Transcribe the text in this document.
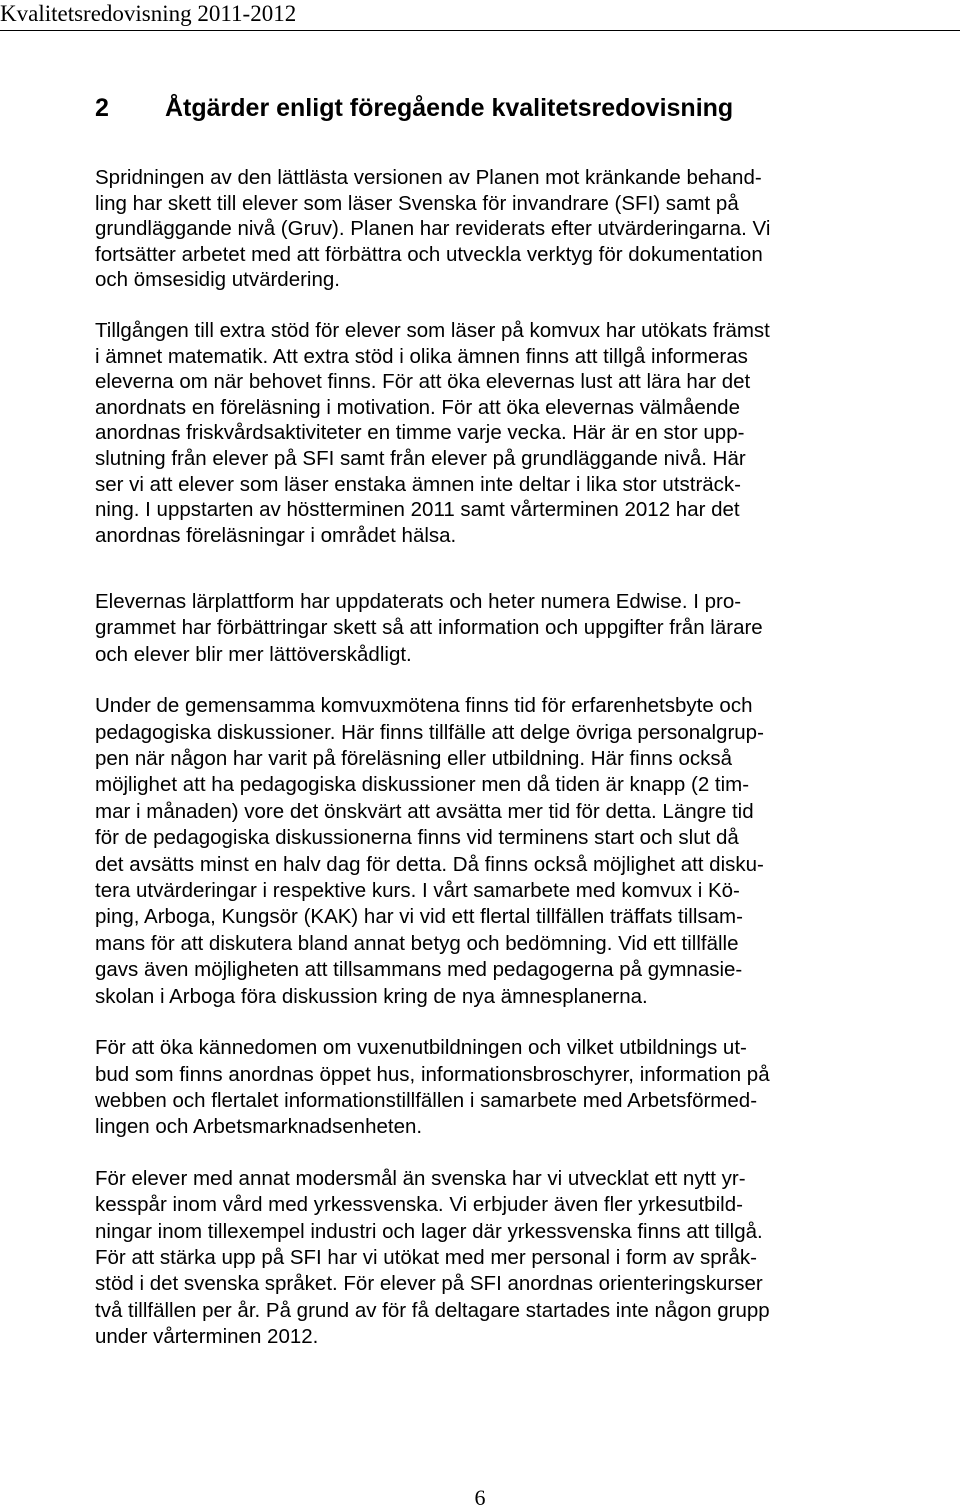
Kvalitetsredovisning 2011-2012
2 Åtgärder enligt föregående kvalitetsredovisning

Spridningen av den lättlästa versionen av Planen mot kränkande behand-

ling har skett till elever som läser Svenska för invandrare (SFI) samt på

grundläggande nivå (Gruv). Planen har reviderats efter utvärderingarna. Vi

fortsätter arbetet med att förbättra och utveckla verktyg för dokumentation

och ömsesidig utvärdering.

Tillgången till extra stöd för elever som läser på komvux har utökats främst

i ämnet matematik. Att extra stöd i olika ämnen finns att tillgå informeras

eleverna om när behovet finns. För att öka elevernas lust att lära har det

anordnats en föreläsning i motivation. För att öka elevernas välmående

anordnas friskvårdsaktiviteter en timme varje vecka. Här är en stor upp-

slutning från elever på SFI samt från elever på grundläggande nivå. Här

ser vi att elever som läser enstaka ämnen inte deltar i lika stor utsträck-

ning. I uppstarten av höstterminen 2011 samt vårterminen 2012 har det

anordnas föreläsningar i området hälsa.

Elevernas lärplattform har uppdaterats och heter numera Edwise. I pro-

grammet har förbättringar skett så att information och uppgifter från lärare

och elever blir mer lättöverskådligt.

Under de gemensamma komvuxmötena finns tid för erfarenhetsbyte och

pedagogiska diskussioner. Här finns tillfälle att delge övriga personalgrup-

pen när någon har varit på föreläsning eller utbildning. Här finns också

möjlighet att ha pedagogiska diskussioner men då tiden är knapp (2 tim-

mar i månaden) vore det önskvärt att avsätta mer tid för detta. Längre tid

för de pedagogiska diskussionerna finns vid terminens start och slut då

det avsätts minst en halv dag för detta. Då finns också möjlighet att disku-

tera utvärderingar i respektive kurs. I vårt samarbete med komvux i Kö-

ping, Arboga, Kungsör (KAK) har vi vid ett flertal tillfällen träffats tillsam-

mans för att diskutera bland annat betyg och bedömning. Vid ett tillfälle

gavs även möjligheten att tillsammans med pedagogerna på gymnasie-

skolan i Arboga föra diskussion kring de nya ämnesplanerna.

För att öka kännedomen om vuxenutbildningen och vilket utbildnings ut-

bud som finns anordnas öppet hus, informationsbroschyrer, information på

webben och flertalet informationstillfällen i samarbete med Arbetsförmed-

lingen och Arbetsmarknadsenheten.

För elever med annat modersmål än svenska har vi utvecklat ett nytt yr-

kesspår inom vård med yrkessvenska. Vi erbjuder även fler yrkesutbild-

ningar inom tillexempel industri och lager där yrkessvenska finns att tillgå.

För att stärka upp på SFI har vi utökat med mer personal i form av språk-

stöd i det svenska språket. För elever på SFI anordnas orienteringskurser

två tillfällen per år. På grund av för få deltagare startades inte någon grupp

under vårterminen 2012.

6
